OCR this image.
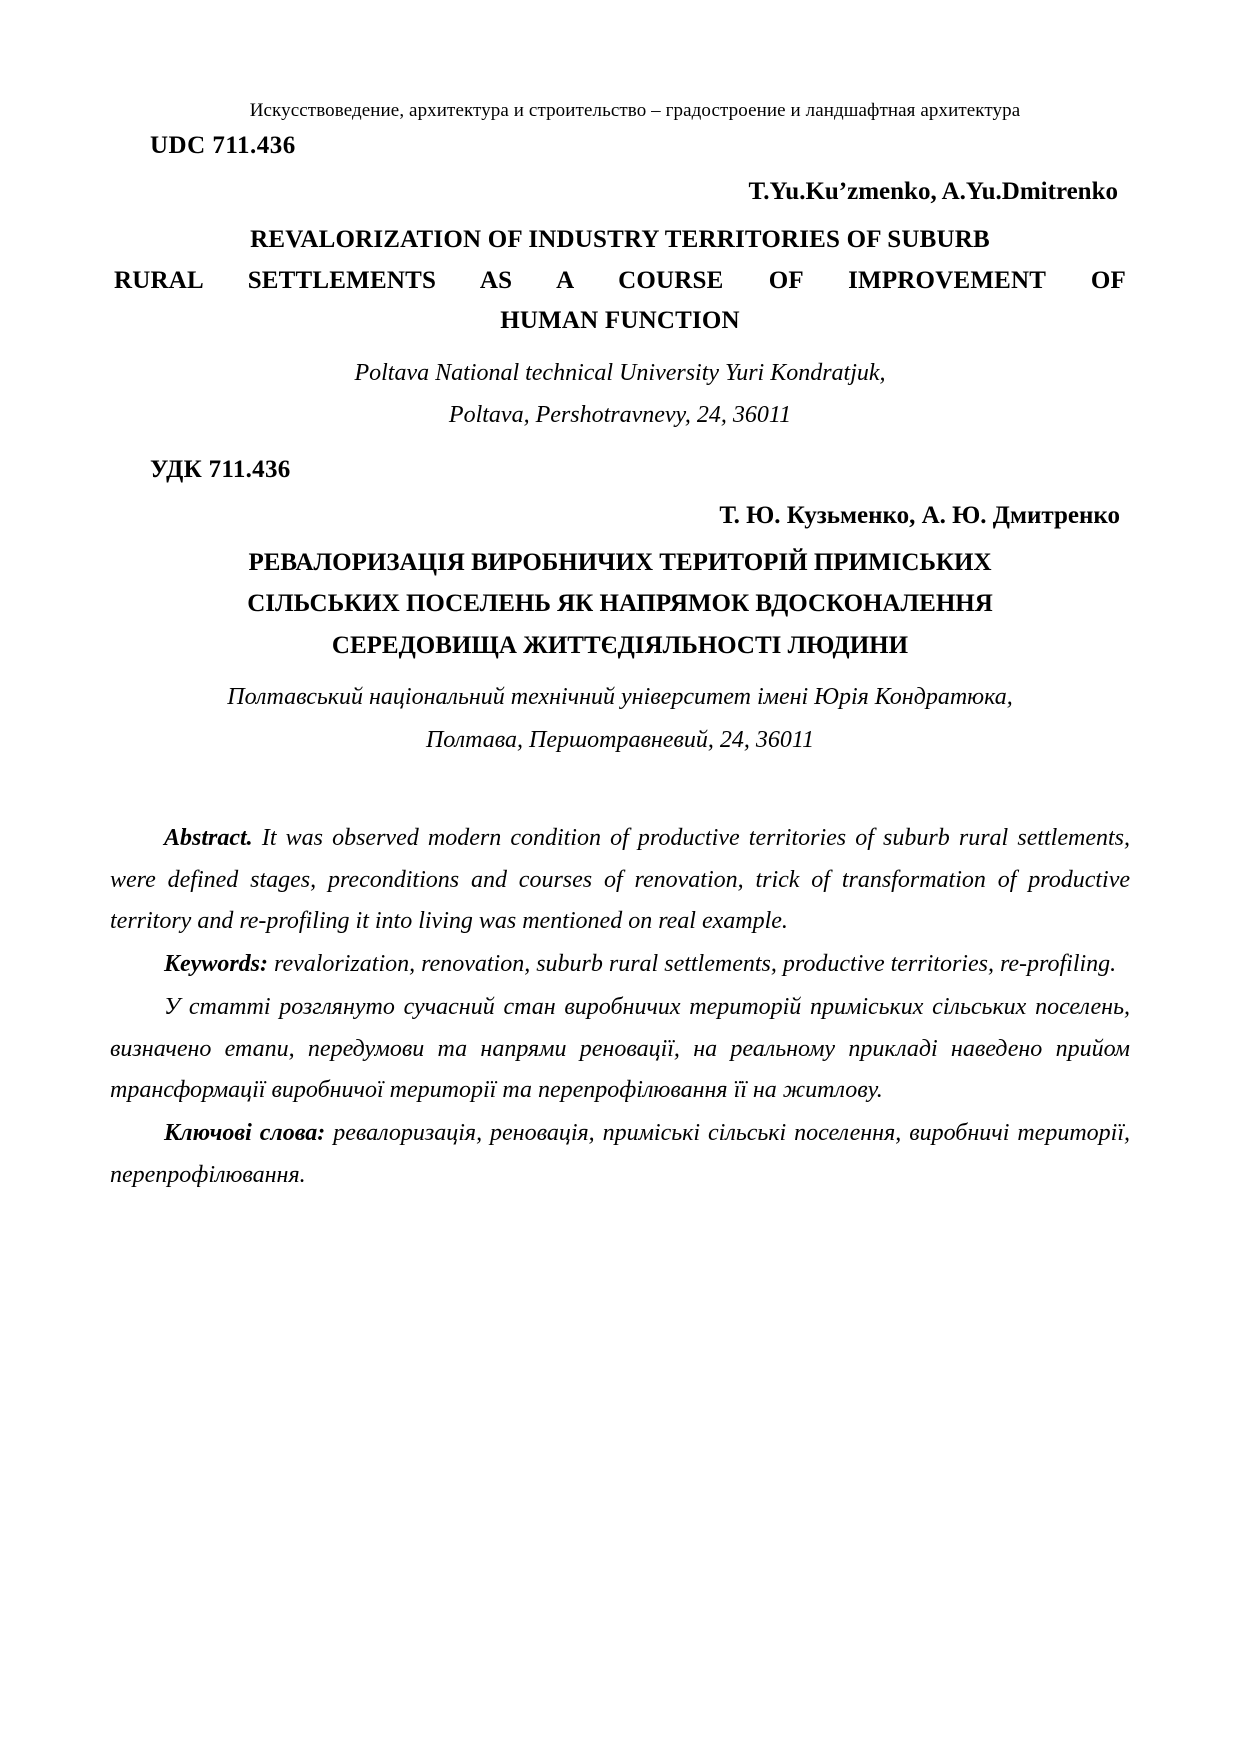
Искусствоведение, архитектура и строительство – градостроение и ландшафтная архитектура
UDC 711.436
T.Yu.Ku’zmenko, A.Yu.Dmitrenko
REVALORIZATION OF INDUSTRY TERRITORIES OF SUBURB
RURAL SETTLEMENTS AS A COURSE OF IMPROVEMENT OF
HUMAN FUNCTION
Poltava National technical University Yuri Kondratjuk,
Poltava, Pershotravnevy, 24, 36011
УДК 711.436
Т. Ю. Кузьменко, А. Ю. Дмитренко
РЕВАЛОРИЗАЦІЯ ВИРОБНИЧИХ ТЕРИТОРІЙ ПРИМІСЬКИХ
СІЛЬСЬКИХ ПОСЕЛЕНЬ ЯК НАПРЯМОК ВДОСКОНАЛЕННЯ
СЕРЕДОВИЩА ЖИТТЄДІЯЛЬНОСТІ ЛЮДИНИ
Полтавський національний технічний університет імені Юрія Кондратюка,
Полтава, Першотравневий, 24, 36011

Abstract. It was observed modern condition of productive territories of suburb rural settlements, were defined stages, preconditions and courses of renovation, trick of transformation of productive territory and re-profiling it into living was mentioned on real example.

Keywords: revalorization, renovation, suburb rural settlements, productive territories, re-profiling.

У статті розглянуто сучасний стан виробничих територій приміських сільських поселень, визначено етапи, передумови та напрями реновації, на реальному прикладі наведено прийом трансформації виробничої території та перепрофілювання її на житлову.

Ключові слова: ревалоризація, реновація, приміські сільські поселення, виробничі території, перепрофілювання.
